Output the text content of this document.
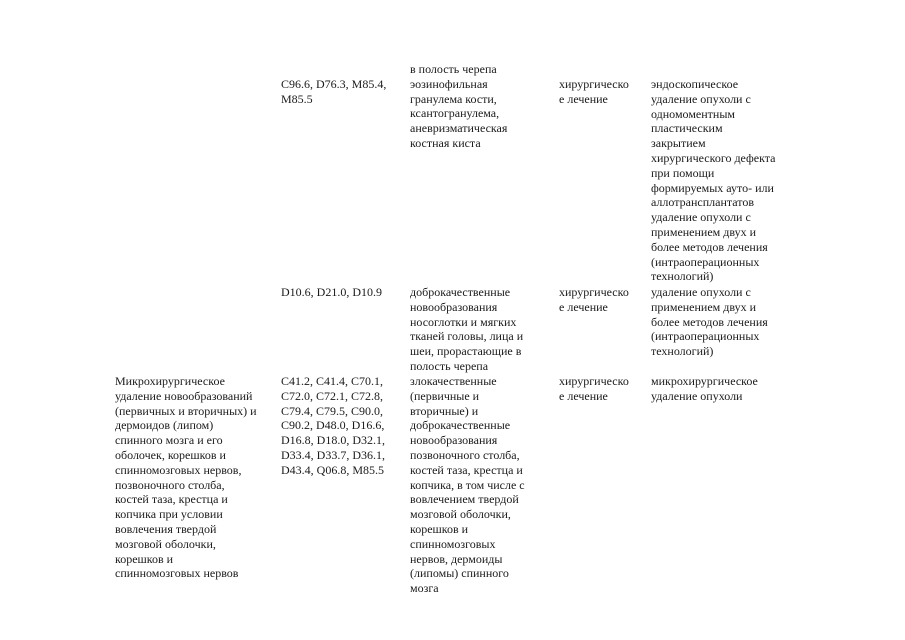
C96.6, D76.3, M85.4,
M85.5
в полость черепа
эозинофильная
гранулема кости,
ксантогранулема,
аневризматическая
костная киста
хирургическо
е лечение
эндоскопическое
удаление опухоли с
одномоментным
пластическим
закрытием
хирургического дефекта
при помощи
формируемых ауто- или
аллотрансплантатов
удаление опухоли с
применением двух и
более методов лечения
(интраоперационных
технологий)
D10.6, D21.0, D10.9	доброкачественные
новообразования
носоглотки и мягких
тканей головы, лица и
шеи, прорастающие в
полость черепа
хирургическо
е лечение
удаление опухоли с
применением двух и
более методов лечения
(интраоперационных
технологий)
Микрохирургическое
удаление новообразований
(первичных и вторичных) и
дермоидов (липом)
спинного мозга и его
оболочек, корешков и
спинномозговых нервов,
позвоночного столба,
костей таза, крестца и
копчика при условии
вовлечения твердой
мозговой оболочки,
корешков и
спинномозговых нервов
C41.2, C41.4, C70.1,
C72.0, C72.1, C72.8,
C79.4, C79.5, C90.0,
C90.2, D48.0, D16.6,
D16.8, D18.0, D32.1,
D33.4, D33.7, D36.1,
D43.4, Q06.8, M85.5
злокачественные
(первичные и
вторичные) и
доброкачественные
новообразования
позвоночного столба,
костей таза, крестца и
копчика, в том числе с
вовлечением твердой
мозговой оболочки,
корешков и
спинномозговых
нервов, дермоиды
(липомы) спинного
мозга
хирургическо
е лечение
микрохирургическое
удаление опухоли
